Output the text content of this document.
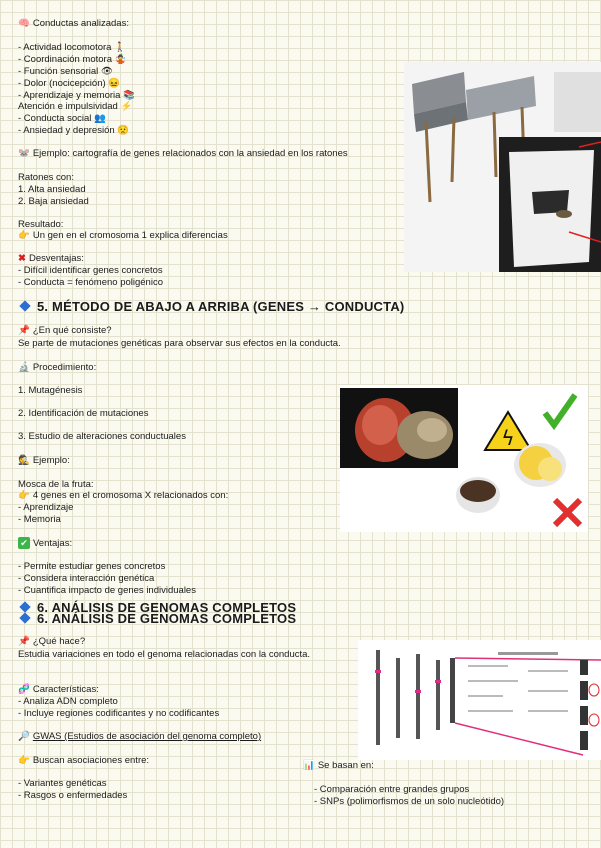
🧠 Conductas analizadas:
- Actividad locomotora 🚶
- Coordinación motora 🤹
- Función sensorial 👁
- Dolor (nocicepción) 😖
- Aprendizaje y memoria 📚
Atención e impulsividad ⚡
- Conducta social 👥
- Ansiedad y depresión 😟
🐭 Ejemplo: cartografía de genes relacionados con la ansiedad en los ratones
Ratones con:
1. Alta ansiedad
2. Baja ansiedad
Resultado:
👉 Un gen en el cromosoma 1 explica diferencias
✖ Desventajas:
- Difícil identificar genes concretos
- Conducta = fenómeno poligénico
5. MÉTODO DE ABAJO A ARRIBA (GENES → CONDUCTA)
📌 ¿En qué consiste?
Se parte de mutaciones genéticas para observar sus efectos en la conducta.
🔬 Procedimiento:
1. Mutagénesis
2. Identificación de mutaciones
3. Estudio de alteraciones conductuales
🕵 Ejemplo:
Mosca de la fruta:
👉 4 genes en el cromosoma X relacionados con:
- Aprendizaje
- Memoria
✔ Ventajas:
- Permite estudiar genes concretos
- Considera interacción genética
- Cuantifica impacto de genes individuales
ϟ
6. ANÁLISIS DE GENOMAS COMPLETOS
6. ANÁLISIS DE GENOMAS COMPLETOS
📌 ¿Qué hace?
Estudia variaciones en todo el genoma relacionadas con la conducta.
🧬 Características:
- Analiza ADN completo
- Incluye regiones codificantes y no codificantes
🔎 GWAS (Estudios de asociación del genoma completo)
👉 Buscan asociaciones entre:
- Variantes genéticas
- Rasgos o enfermedades
📊 Se basan en:
- Comparación entre grandes grupos
- SNPs (polimorfismos de un solo nucleótido)
